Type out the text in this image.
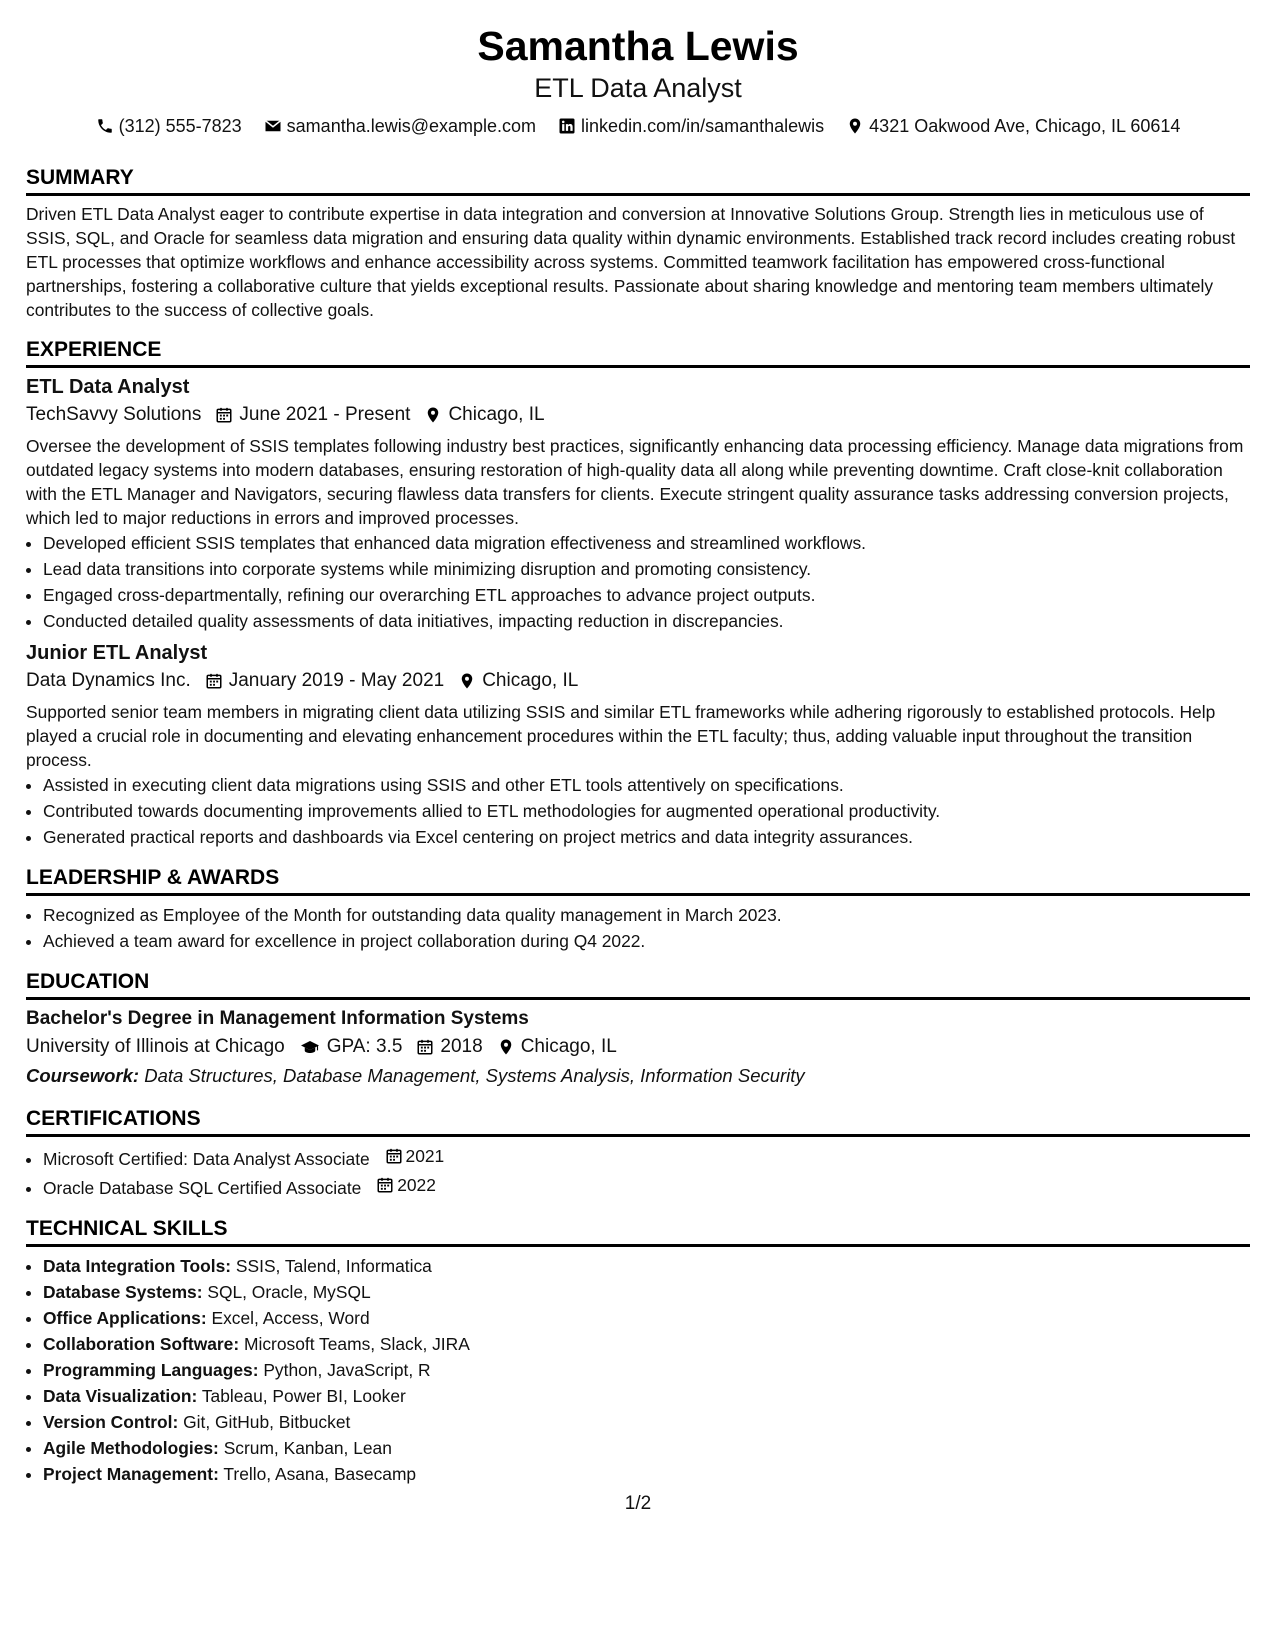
Samantha Lewis
ETL Data Analyst
(312) 555-7823	samantha.lewis@example.com	linkedin.com/in/samanthalewis	4321 Oakwood Ave, Chicago, IL 60614
SUMMARY

Driven ETL Data Analyst eager to contribute expertise in data integration and conversion at Innovative Solutions Group. Strength lies in meticulous use of SSIS, SQL, and Oracle for seamless data migration and ensuring data quality within dynamic environments. Established track record includes creating robust ETL processes that optimize workflows and enhance accessibility across systems. Committed teamwork facilitation has empowered cross-functional partnerships, fostering a collaborative culture that yields exceptional results. Passionate about sharing knowledge and mentoring team members ultimately contributes to the success of collective goals.

EXPERIENCE
ETL Data Analyst
TechSavvy Solutions June 2021 - Present Chicago, IL

Oversee the development of SSIS templates following industry best practices, significantly enhancing data processing efficiency. Manage data migrations from outdated legacy systems into modern databases, ensuring restoration of high-quality data all along while preventing downtime. Craft close-knit collaboration with the ETL Manager and Navigators, securing flawless data transfers for clients. Execute stringent quality assurance tasks addressing conversion projects, which led to major reductions in errors and improved processes.

• Developed efficient SSIS templates that enhanced data migration effectiveness and streamlined workflows.
• Lead data transitions into corporate systems while minimizing disruption and promoting consistency.
• Engaged cross-departmentally, refining our overarching ETL approaches to advance project outputs.
• Conducted detailed quality assessments of data initiatives, impacting reduction in discrepancies.
Junior ETL Analyst
Data Dynamics Inc. January 2019 - May 2021 Chicago, IL

Supported senior team members in migrating client data utilizing SSIS and similar ETL frameworks while adhering rigorously to established protocols. Help played a crucial role in documenting and elevating enhancement procedures within the ETL faculty; thus, adding valuable input throughout the transition process.

• Assisted in executing client data migrations using SSIS and other ETL tools attentively on specifications.
• Contributed towards documenting improvements allied to ETL methodologies for augmented operational productivity.
• Generated practical reports and dashboards via Excel centering on project metrics and data integrity assurances.
LEADERSHIP & AWARDS
• Recognized as Employee of the Month for outstanding data quality management in March 2023.
• Achieved a team award for excellence in project collaboration during Q4 2022.
EDUCATION
Bachelor's Degree in Management Information Systems
University of Illinois at Chicago GPA: 3.5 2018 Chicago, IL
Coursework: Data Structures, Database Management, Systems Analysis, Information Security
CERTIFICATIONS
• Microsoft Certified: Data Analyst Associate 2021
• Oracle Database SQL Certified Associate 2022
TECHNICAL SKILLS
• Data Integration Tools: SSIS, Talend, Informatica
• Database Systems: SQL, Oracle, MySQL
• Office Applications: Excel, Access, Word
• Collaboration Software: Microsoft Teams, Slack, JIRA
• Programming Languages: Python, JavaScript, R
• Data Visualization: Tableau, Power BI, Looker
• Version Control: Git, GitHub, Bitbucket
• Agile Methodologies: Scrum, Kanban, Lean
• Project Management: Trello, Asana, Basecamp
1/2
